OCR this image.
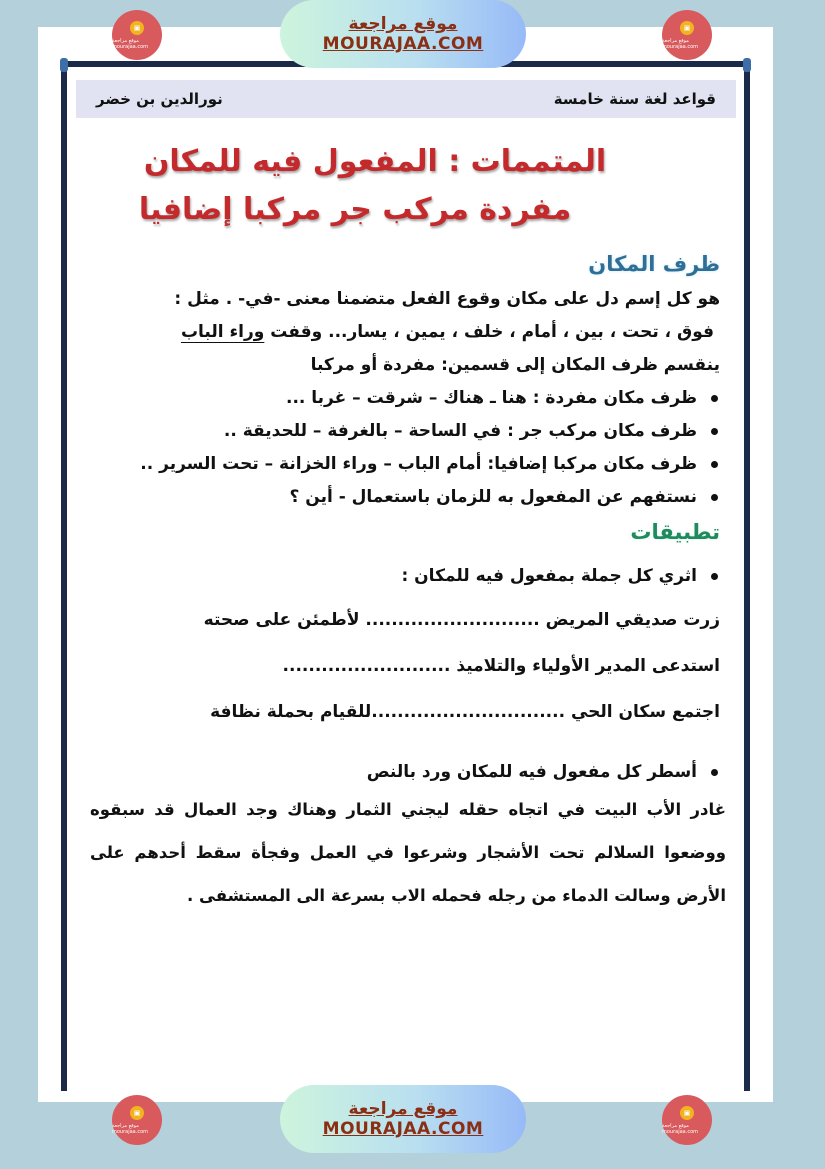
▣
موقع مراجعة mourajaa.com
موقع مراجعة
MOURAJAA.COM
▣
موقع مراجعة mourajaa.com
نورالدين بن خضر	قواعد لغة سنة خامسة
المتممات : المفعول فيه للمكان
مفردة مركب جر مركبا إضافيا
ظرف المكان
هو كل إسم دل على مكان وقوع الفعل متضمنا معنى -في- . مثل :
فوق ، تحت ، بين ، أمام ، خلف ، يمين ، يسار... وقفت وراء الباب
ينقسم ظرف المكان إلى قسمين: مفردة أو مركبا
ظرف مكان مفردة : هنا ـ هناك – شرقت – غربا ...
ظرف مكان مركب جر : في الساحة – بالغرفة – للحديقة ..
ظرف مكان مركبا إضافيا: أمام الباب – وراء الخزانة – تحت السرير ..
نستفهم عن المفعول به للزمان باستعمال - أين ؟
تطبيقات
اثري كل جملة بمفعول فيه للمكان :
زرت صديقي المريض ........................... لأطمئن على صحته
استدعى المدير الأولياء والتلاميذ ..........................
اجتمع سكان الحي ..............................للقيام بحملة نظافة
أسطر كل مفعول فيه للمكان ورد بالنص
غادر الأب البيت في اتجاه حقله ليجني الثمار وهناك وجد العمال قد سبقوه ووضعوا السلالم تحت الأشجار وشرعوا في العمل وفجأة سقط أحدهم على الأرض وسالت الدماء من رجله فحمله الاب بسرعة الى المستشفى .
▣
موقع مراجعة mourajaa.com
موقع مراجعة
MOURAJAA.COM
▣
موقع مراجعة mourajaa.com
